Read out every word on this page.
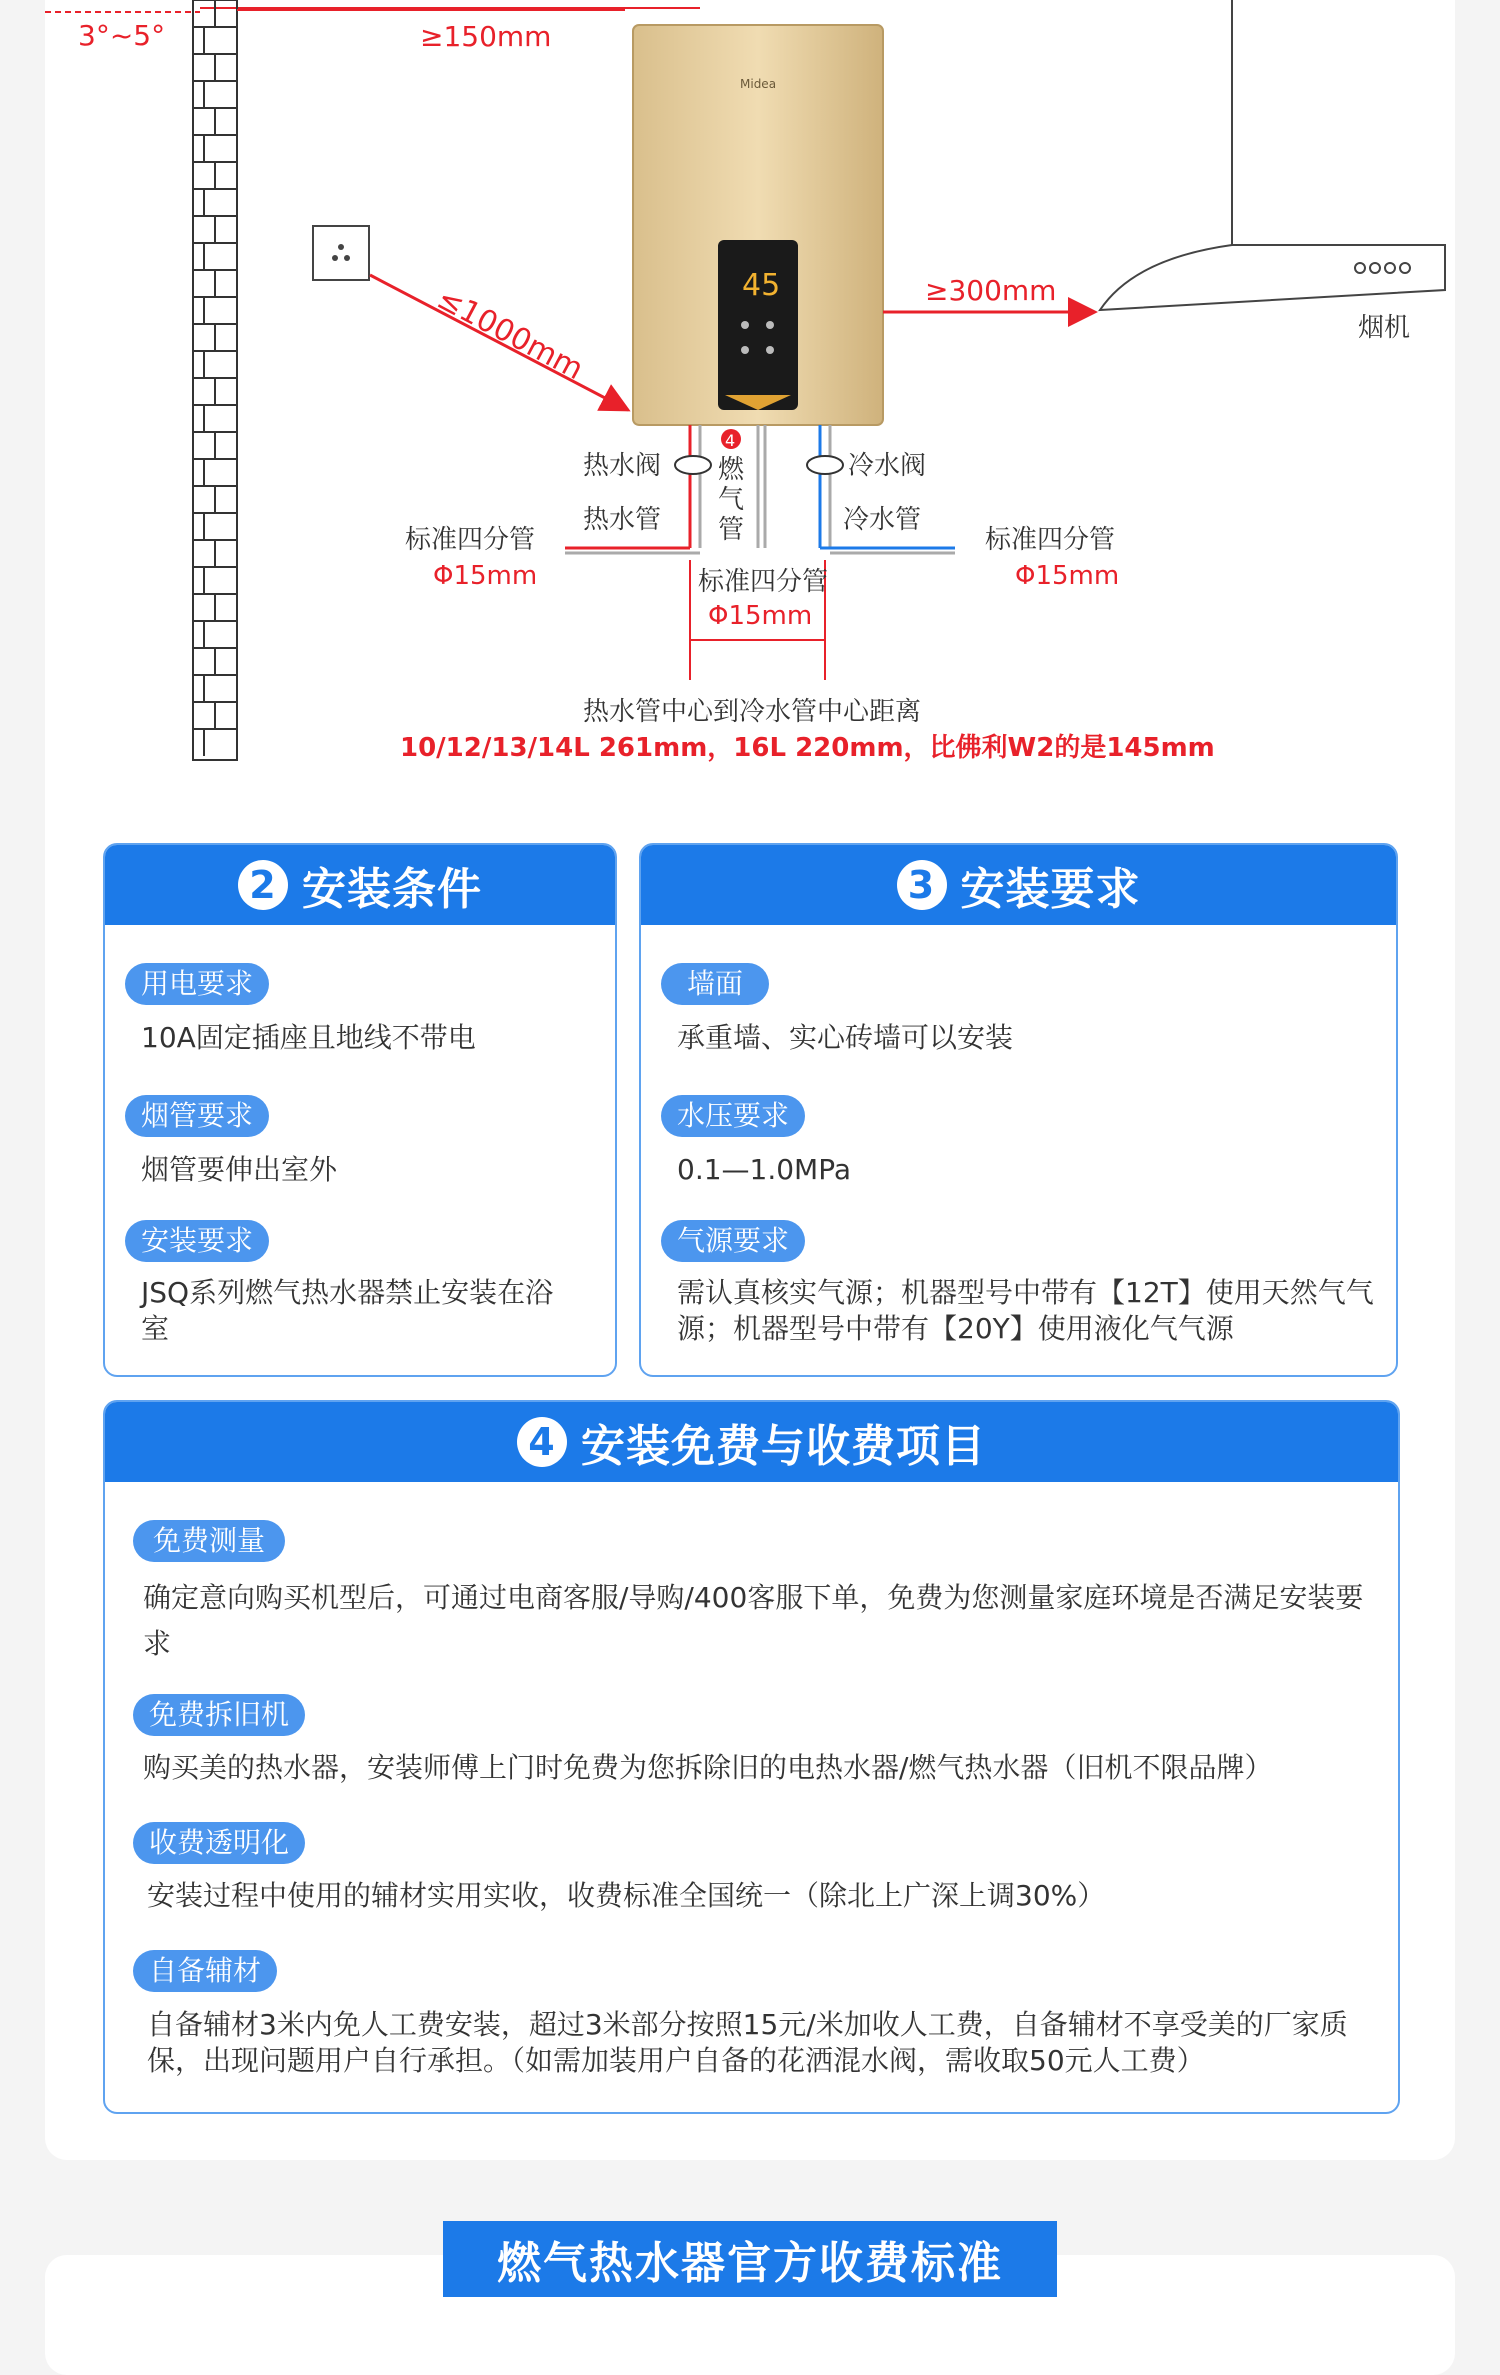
3°~5°	≥150mm
≤1000mm
Midea
45	≥300mm
烟机
4
热水阀
热水管
燃
气
管
冷水阀
冷水管
标准四分管
Φ15mm	标准四分管
Φ15mm
标准四分管
Φ15mm
热水管中心到冷水管中心距离
10/12/13/14L 261mm，16L 220mm，比佛利W2的是145mm
2 安装条件
用电要求
10A固定插座且地线不带电
烟管要求
烟管要伸出室外
安装要求
JSQ系列燃气热水器禁止安装在浴室
3 安装要求
墙面
承重墙、实心砖墙可以安装
水压要求
0.1—1.0MPa
气源要求
需认真核实气源；机器型号中带有【12T】使用天然气气源；机器型号中带有【20Y】使用液化气气源
4 安装免费与收费项目
免费测量
确定意向购买机型后，可通过电商客服/导购/400客服下单，免费为您测量家庭环境是否满足安装要求
免费拆旧机
购买美的热水器，安装师傅上门时免费为您拆除旧的电热水器/燃气热水器（旧机不限品牌）
收费透明化
安装过程中使用的辅材实用实收，收费标准全国统一（除北上广深上调30%）
自备辅材
自备辅材3米内免人工费安装，超过3米部分按照15元/米加收人工费，自备辅材不享受美的厂家质保，出现问题用户自行承担。（如需加装用户自备的花洒混水阀，需收取50元人工费）
燃气热水器官方收费标准
